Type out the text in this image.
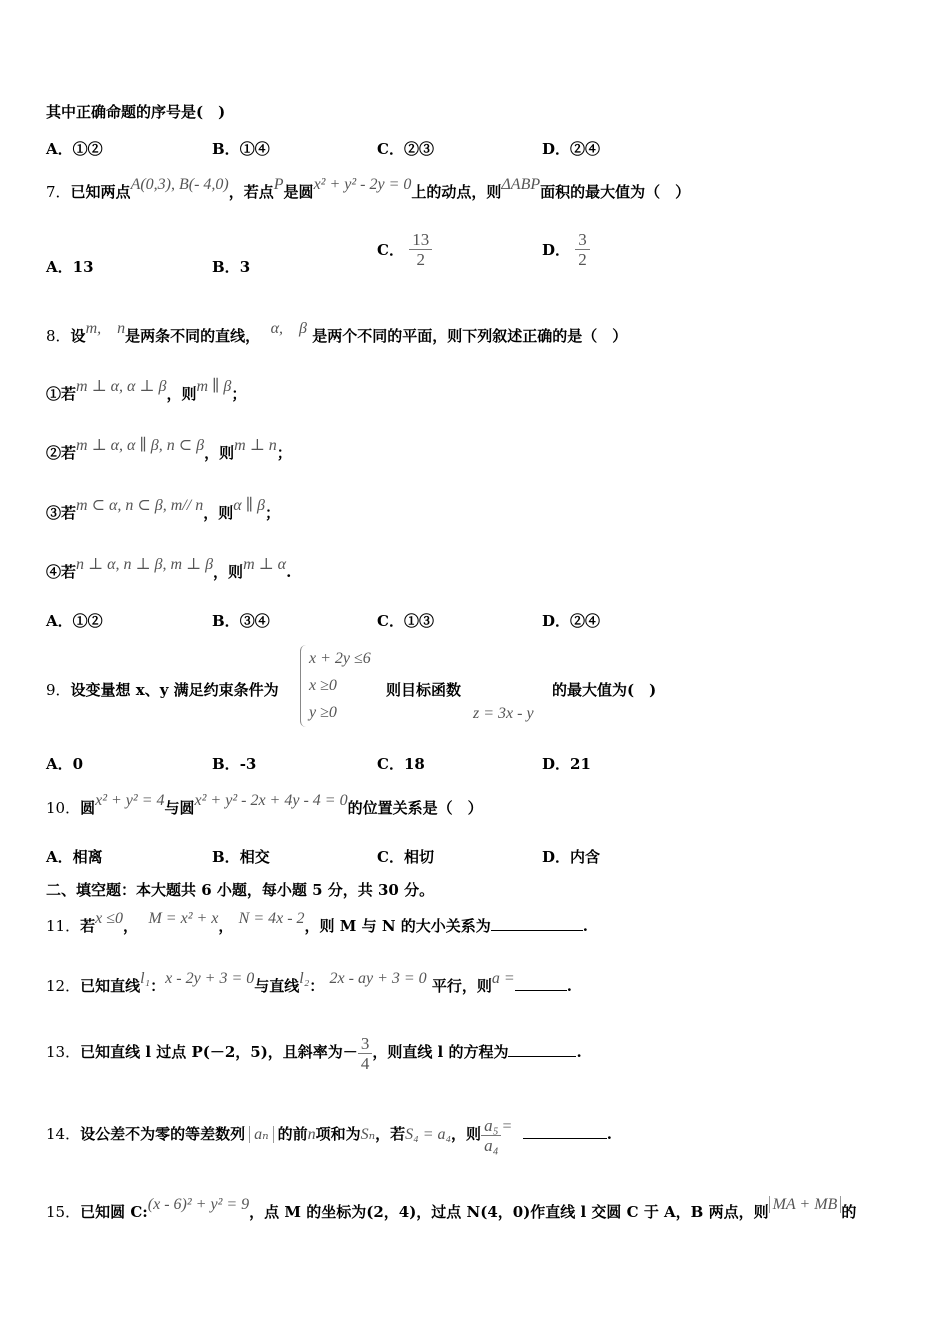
其中正确命题的序号是(　)
A．①②	B．①④	C．②③	D．②④
7．已知两点A(0,3), B(- 4,0)，若点P是圆x² + y² - 2y = 0上的动点，则ΔABP面积的最大值为（　）
A．13	B．3
C． $\frac{13}{2}$	D． $\frac{3}{2}$
8．设m,　n是两条不同的直线， α,　β 是两个不同的平面，则下列叙述正确的是（　）
①若m ⊥ α, α ⊥ β，则m ∥ β；
②若m ⊥ α, α ∥ β, n ⊂ β，则m ⊥ n；
③若m ⊂ α, n ⊂ β, m// n，则α ∥ β；
④若n ⊥ α, n ⊥ β, m ⊥ β，则m ⊥ α.
A．①②	B．③④	C．①③	D．②④
9．设变量想 x、y 满足约束条件为
x + 2y ≤6
x ≥0
y ≥0
则目标函数	的最大值为(　)
z = 3x - y
A．0	B．-3	C．18	D．21
10．圆x² + y² = 4与圆x² + y² - 2x + 4y - 4 = 0的位置关系是（　）
A．相离	B．相交	C．相切	D．内含
二、填空题：本大题共 6 小题，每小题 5 分，共 30 分。
11．若x ≤0， M = x² + x， N = 4x - 2，则 M 与 N 的大小关系为	.
12．已知直线l₁：x - 2y + 3 = 0与直线l₂： 2x - ay + 3 = 0 平行，则a =	.
13．已知直线 l 过点 P(－2，5)，且斜率为－ $\frac{3}{4}$ ，则直线 l 的方程为	.
14．设公差不为零的等差数列 aₙ 的前n项和为Sₙ，若S₄ = a₄，则 $\frac{\text{a₅}}{\text{a₄}}$ =	.
15．已知圆 C:(x - 6)² + y² = 9，点 M 的坐标为(2，4)，过点 N(4，0)作直线 l 交圆 C 于 A，B 两点，则 MA + MB 的
